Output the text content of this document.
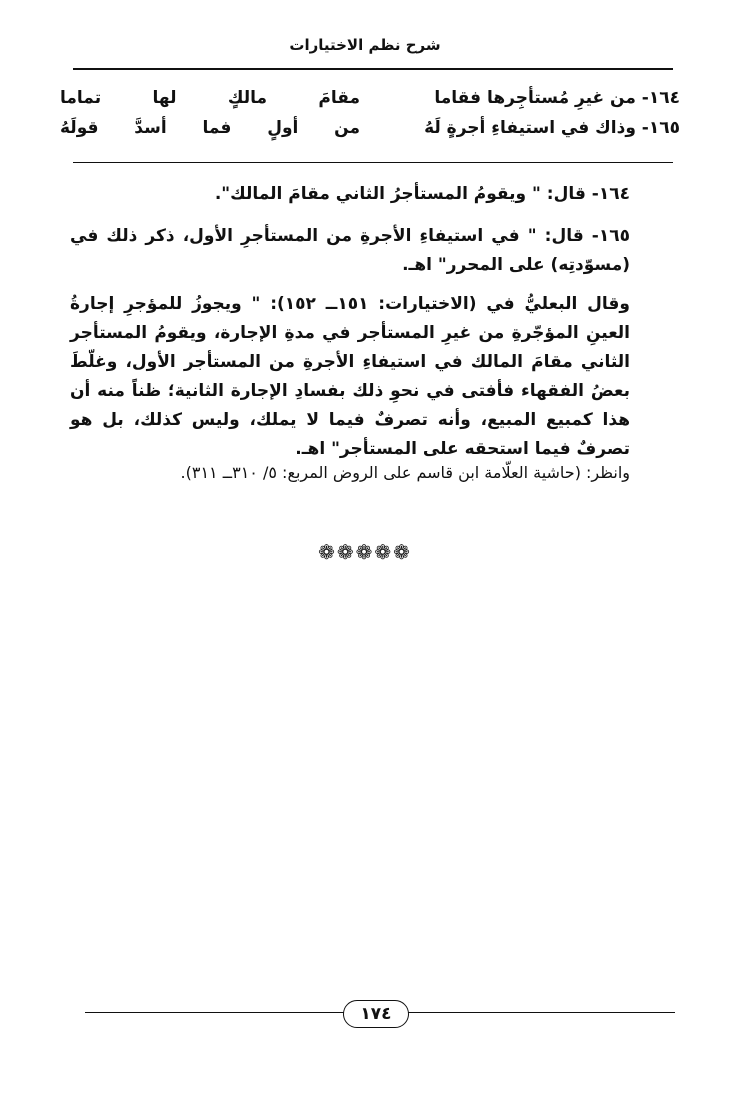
شرح نظم الاختيارات
١٦٤- من غيرِ مُستأجِرها فقاما
مقامَ مالكٍ لها تماما
١٦٥- وذاك في استيفاءِ أجرةٍ لَهُ
من أولٍ فما أسدَّ قولَهُ
١٦٤- قال: " ويقومُ المستأجرُ الثاني مقامَ المالك".
١٦٥- قال: " في استيفاءِ الأجرةِ من المستأجرِ الأول، ذكر ذلك في (مسوّدتِه) على المحرر" اهـ.
وقال البعليُّ في (الاختيارات: ١٥١ــ ١٥٢): " ويجوزُ للمؤجرِ إجارةُ العينِ المؤجّرةِ من غيرِ المستأجر في مدةِ الإجارة، ويقومُ المستأجر الثاني مقامَ المالك في استيفاءِ الأجرةِ من المستأجر الأول، وغلّطَ بعضُ الفقهاء فأفتى في نحوِ ذلك بفسادِ الإجارة الثانية؛ ظناً منه أن هذا كمبيع المبيع، وأنه تصرفٌ فيما لا يملك، وليس كذلك، بل هو تصرفٌ فيما استحقه على المستأجر" اهـ.
وانظر: (حاشية العلّامة ابن قاسم على الروض المربع: ٥/ ٣١٠ــ ٣١١).
❁❁❁❁❁
١٧٤
